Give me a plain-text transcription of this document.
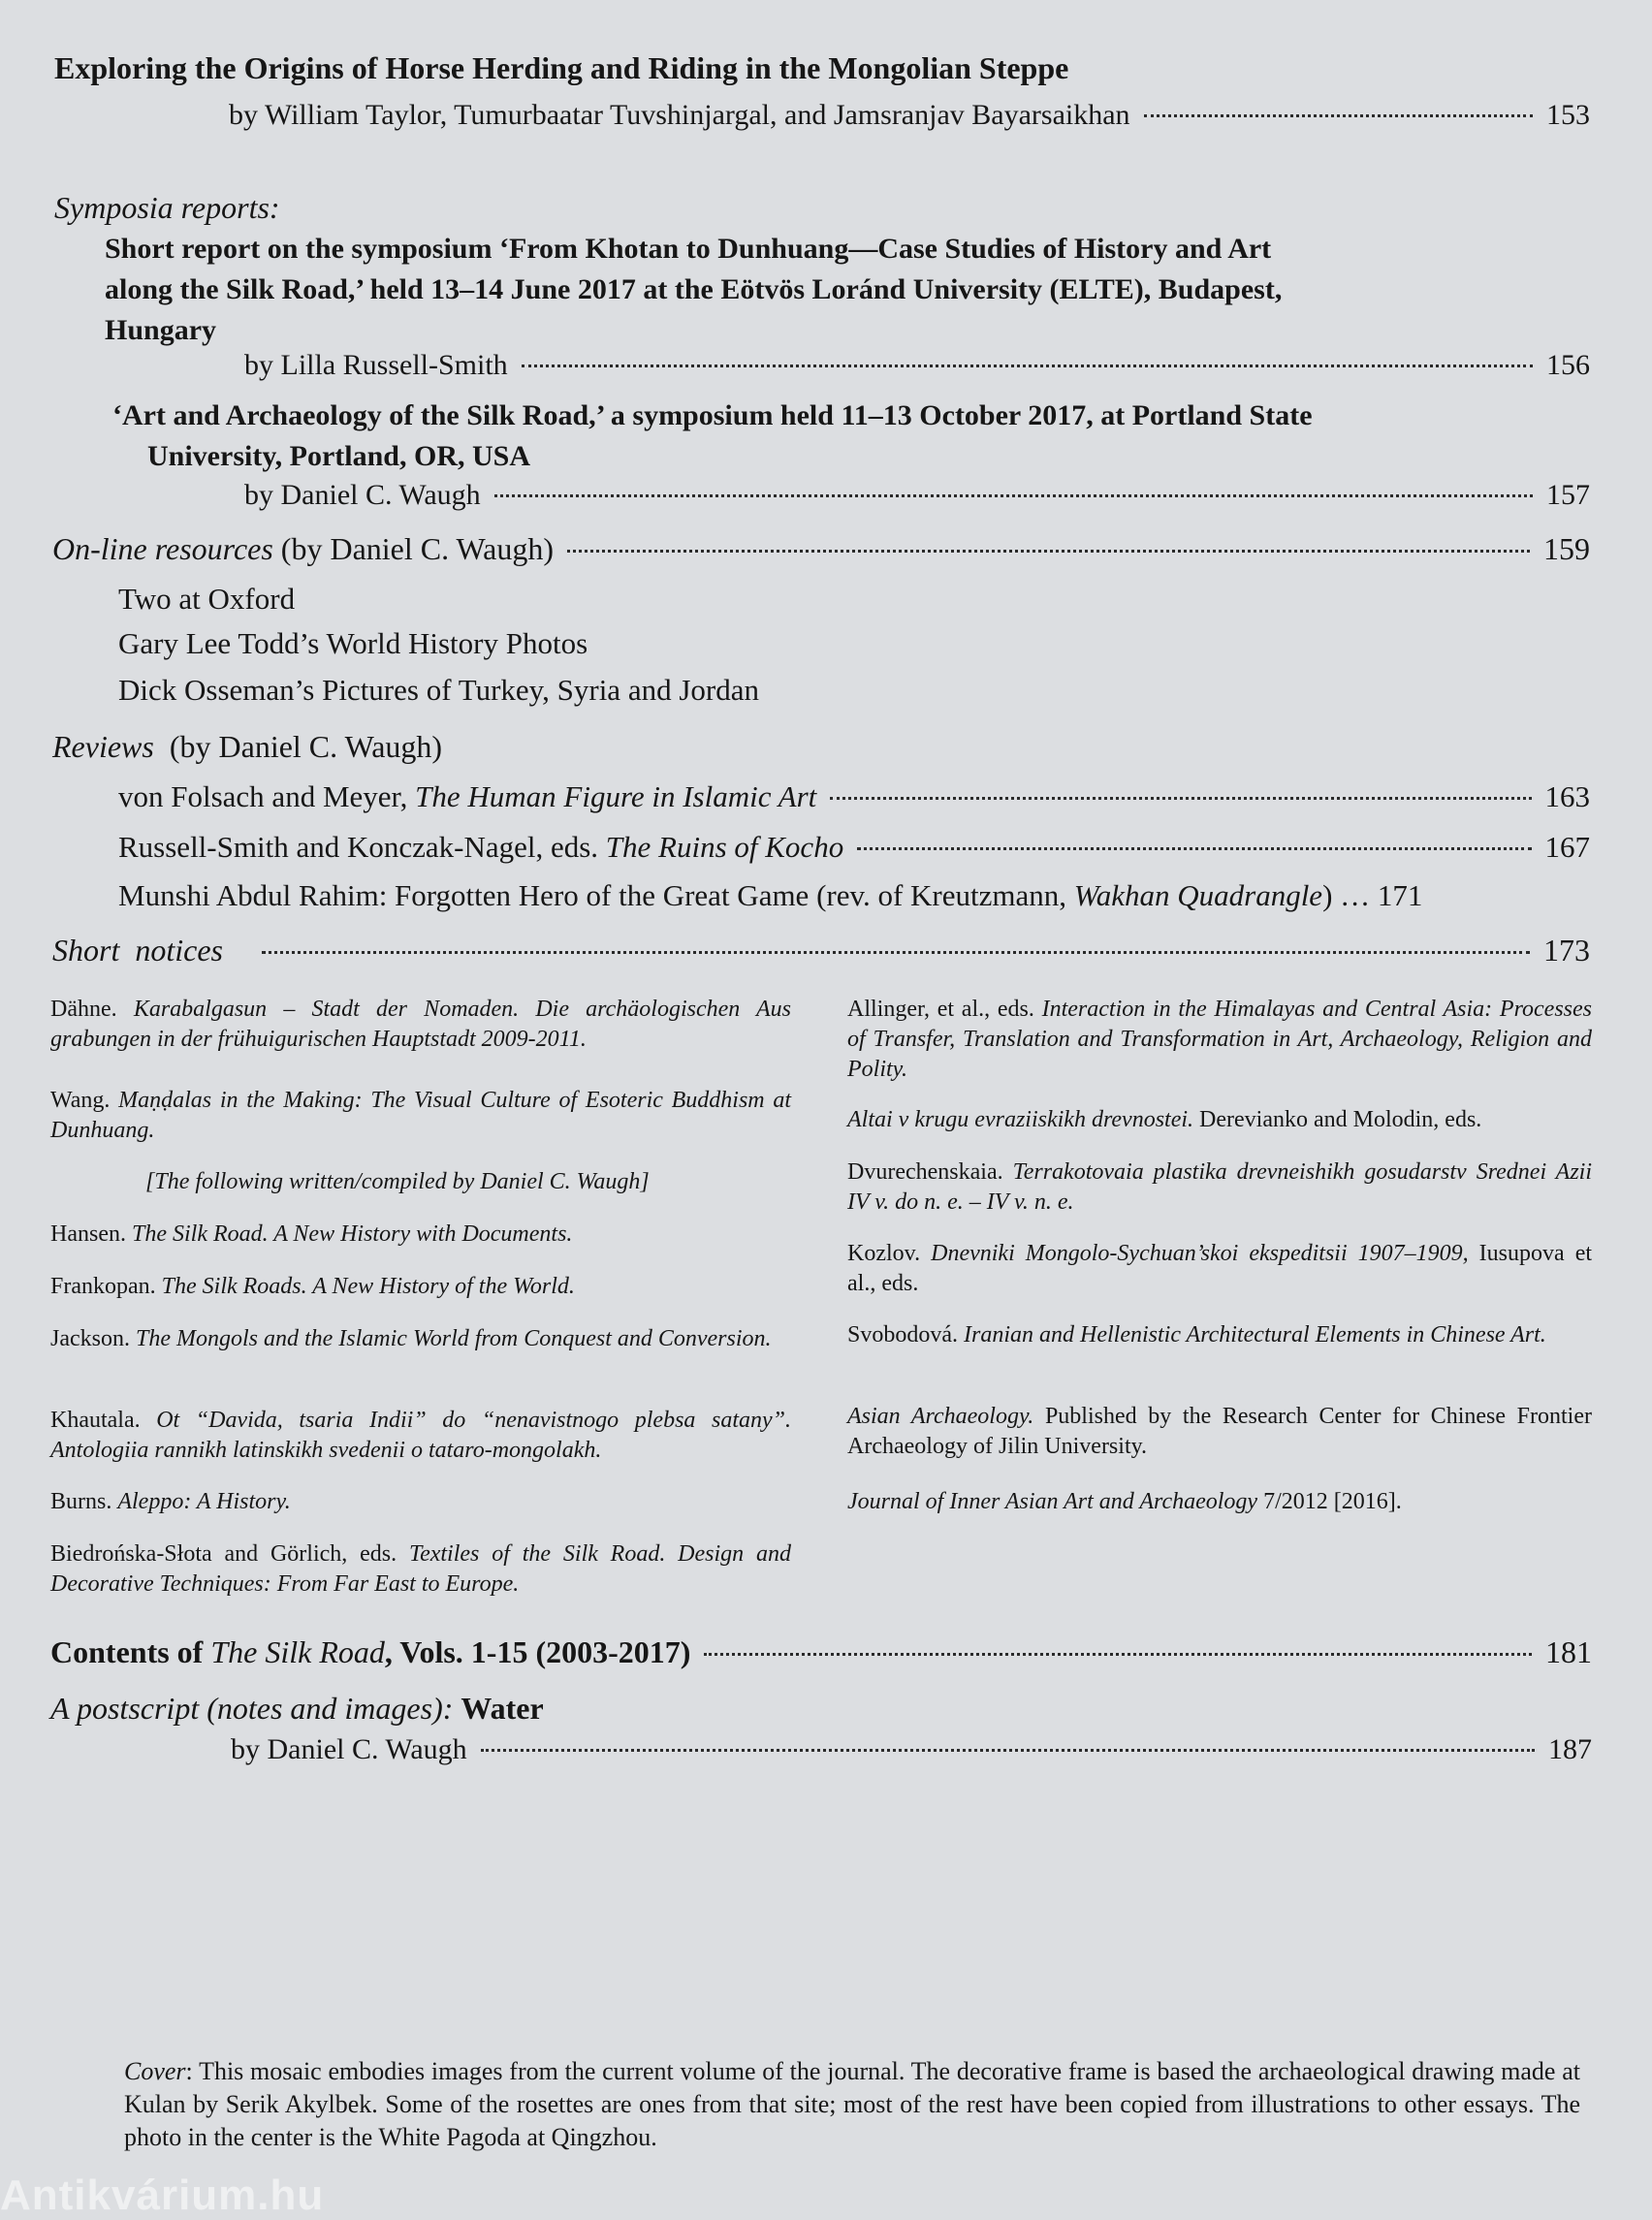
Exploring the Origins of Horse Herding and Riding in the Mongolian Steppe
by William Taylor, Tumurbaatar Tuvshinjargal, and Jamsranjav Bayarsaikhan	153
Symposia reports:
Short report on the symposium ‘From Khotan to Dunhuang—Case Studies of History and Art
along the Silk Road,’ held 13–14 June 2017 at the Eötvös Loránd University (ELTE), Budapest,
Hungary
by Lilla Russell-Smith	156
‘Art and Archaeology of the Silk Road,’ a symposium held 11–13 October 2017, at Portland State
University, Portland, OR, USA
by Daniel C. Waugh	157
On-line resources (by Daniel C. Waugh)	159
Two at Oxford
Gary Lee Todd’s World History Photos
Dick Osseman’s Pictures of Turkey, Syria and Jordan
Reviews  (by Daniel C. Waugh)
von Folsach and Meyer, The Human Figure in Islamic Art	163
Russell-Smith and Konczak-Nagel, eds. The Ruins of Kocho	167
Munshi Abdul Rahim: Forgotten Hero of the Great Game (rev. of Kreutzmann, Wakhan Quadrangle) … 171
Short  notices	173
Dähne. Karabalgasun – Stadt der Nomaden. Die archäologischen Aus grabungen in der frühuigurischen Hauptstadt 2009-2011.
Wang. Maṇḍalas in the Making: The Visual Culture of Esoteric Buddhism at Dunhuang.
[The following written/compiled by Daniel C. Waugh]
Hansen. The Silk Road. A New History with Documents.
Frankopan. The Silk Roads. A New History of the World.
Jackson. The Mongols and the Islamic World from Conquest and Conversion.
Khautala. Ot “Davida, tsaria Indii” do “nenavistnogo plebsa satany”. Antologiia rannikh latinskikh svedenii o tataro-mongolakh.
Burns. Aleppo: A History.
Biedrońska-Słota and Görlich, eds. Textiles of the Silk Road. Design and Decorative Techniques: From Far East to Europe.
Allinger, et al., eds. Interaction in the Himalayas and Central Asia: Processes of Transfer, Translation and Transformation in Art, Archaeology, Religion and Polity.
Altai v krugu evraziiskikh drevnostei. Derevianko and Molodin, eds.
Dvurechenskaia. Terrakotovaia plastika drevneishikh gosudarstv Srednei Azii IV v. do n. e. – IV v. n. e.
Kozlov. Dnevniki Mongolo-Sychuan’skoi ekspeditsii 1907–1909, Iusupova et al., eds.
Svobodová. Iranian and Hellenistic Architectural Elements in Chinese Art.
Asian Archaeology. Published by the Research Center for Chinese Frontier Archaeology of Jilin University.
Journal of Inner Asian Art and Archaeology 7/2012 [2016].
Contents of The Silk Road, Vols. 1-15 (2003-2017)	181
A postscript (notes and images): Water
by Daniel C. Waugh	187
Cover: This mosaic embodies images from the current volume of the journal. The decorative frame is based the archaeological drawing made at Kulan by Serik Akylbek. Some of the rosettes are ones from that site; most of the rest have been copied from illustrations to other essays. The photo in the center is the White Pagoda at Qingzhou.
Antikvárium.hu
